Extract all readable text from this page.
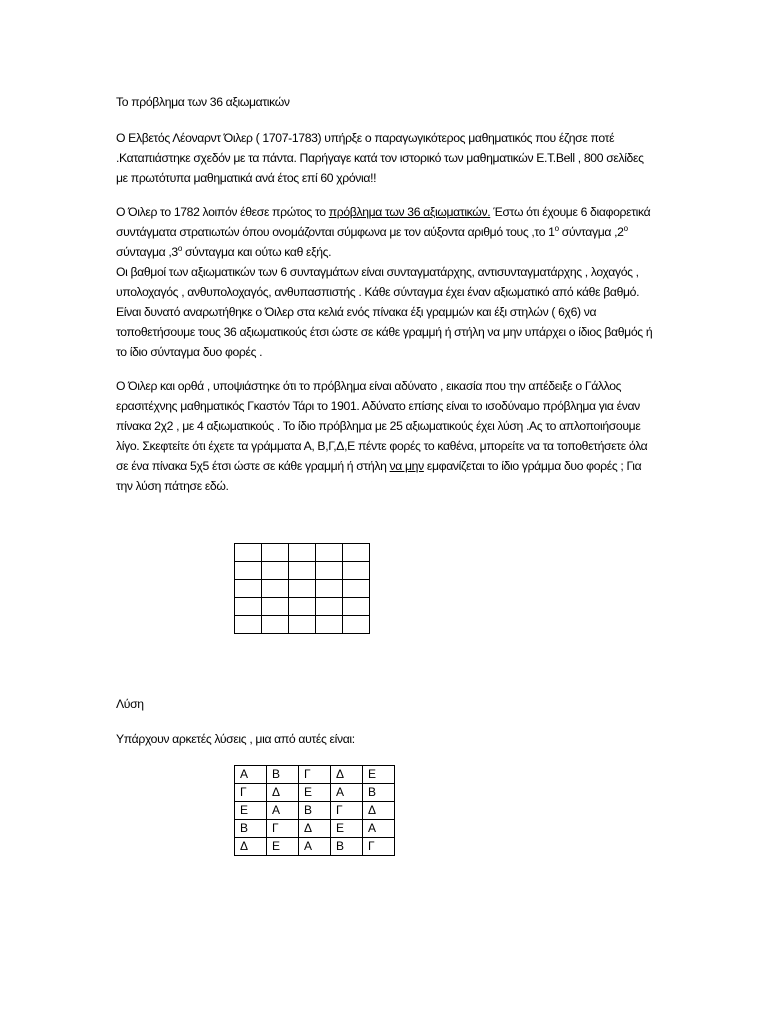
Το πρόβλημα των 36 αξιωματικών

Ο Ελβετός Λέοναρντ Όιλερ ( 1707-1783) υπήρξε ο παραγωγικότερος μαθηματικός που έζησε ποτέ .Καταπιάστηκε σχεδόν με τα πάντα. Παρήγαγε κατά τον ιστορικό των μαθηματικών E.T.Bell , 800 σελίδες με πρωτότυπα μαθηματικά ανά έτος επί 60 χρόνια!!

Ο Όιλερ το 1782 λοιπόν έθεσε πρώτος το πρόβλημα των 36 αξιωματικών. Έστω ότι έχουμε 6 διαφορετικά συντάγματα στρατιωτών όπου ονομάζονται σύμφωνα με τον αύξοντα αριθμό τους ,το $1^o$ σύνταγμα $,2^o$ σύνταγμα $,3^o$ σύνταγμα και ούτω καθ εξής.
Οι βαθμοί των αξιωματικών των 6 συνταγμάτων είναι συνταγματάρχης, αντισυνταγματάρχης , λοχαγός , υπολοχαγός , ανθυπολοχαγός, ανθυπασπιστής . Κάθε σύνταγμα έχει έναν αξιωματικό από κάθε βαθμό. Είναι δυνατό αναρωτήθηκε ο Όιλερ στα κελιά ενός πίνακα έξι γραμμών και έξι στηλών ( 6χ6) να τοποθετήσουμε τους 36 αξιωματικούς έτσι ώστε σε κάθε γραμμή ή στήλη να μην υπάρχει ο ίδιος βαθμός ή το ίδιο σύνταγμα δυο φορές .

Ο Όιλερ και ορθά , υποψιάστηκε ότι το πρόβλημα είναι αδύνατο , εικασία που την απέδειξε ο Γάλλος ερασιτέχνης μαθηματικός Γκαστόν Τάρι το 1901. Αδύνατο επίσης είναι το ισοδύναμο πρόβλημα για έναν πίνακα 2χ2 , με 4 αξιωματικούς . Το ίδιο πρόβλημα με 25 αξιωματικούς έχει λύση .Ας το απλοποιήσουμε λίγο. Σκεφτείτε ότι έχετε τα γράμματα Α, Β,Γ,Δ,Ε πέντε φορές το καθένα, μπορείτε να τα τοποθετήσετε όλα σε ένα πίνακα 5χ5 έτσι ώστε σε κάθε γραμμή ή στήλη να μην εμφανίζεται το ίδιο γράμμα δυο φορές ; Για την λύση πάτησε εδώ.

Λύση
Υπάρχουν αρκετές λύσεις , μια από αυτές είναι:
Α	Β	Γ	Δ	Ε
Γ	Δ	Ε	Α	Β
Ε	Α	Β	Γ	Δ
Β	Γ	Δ	Ε	Α
Δ	Ε	Α	Β	Γ
